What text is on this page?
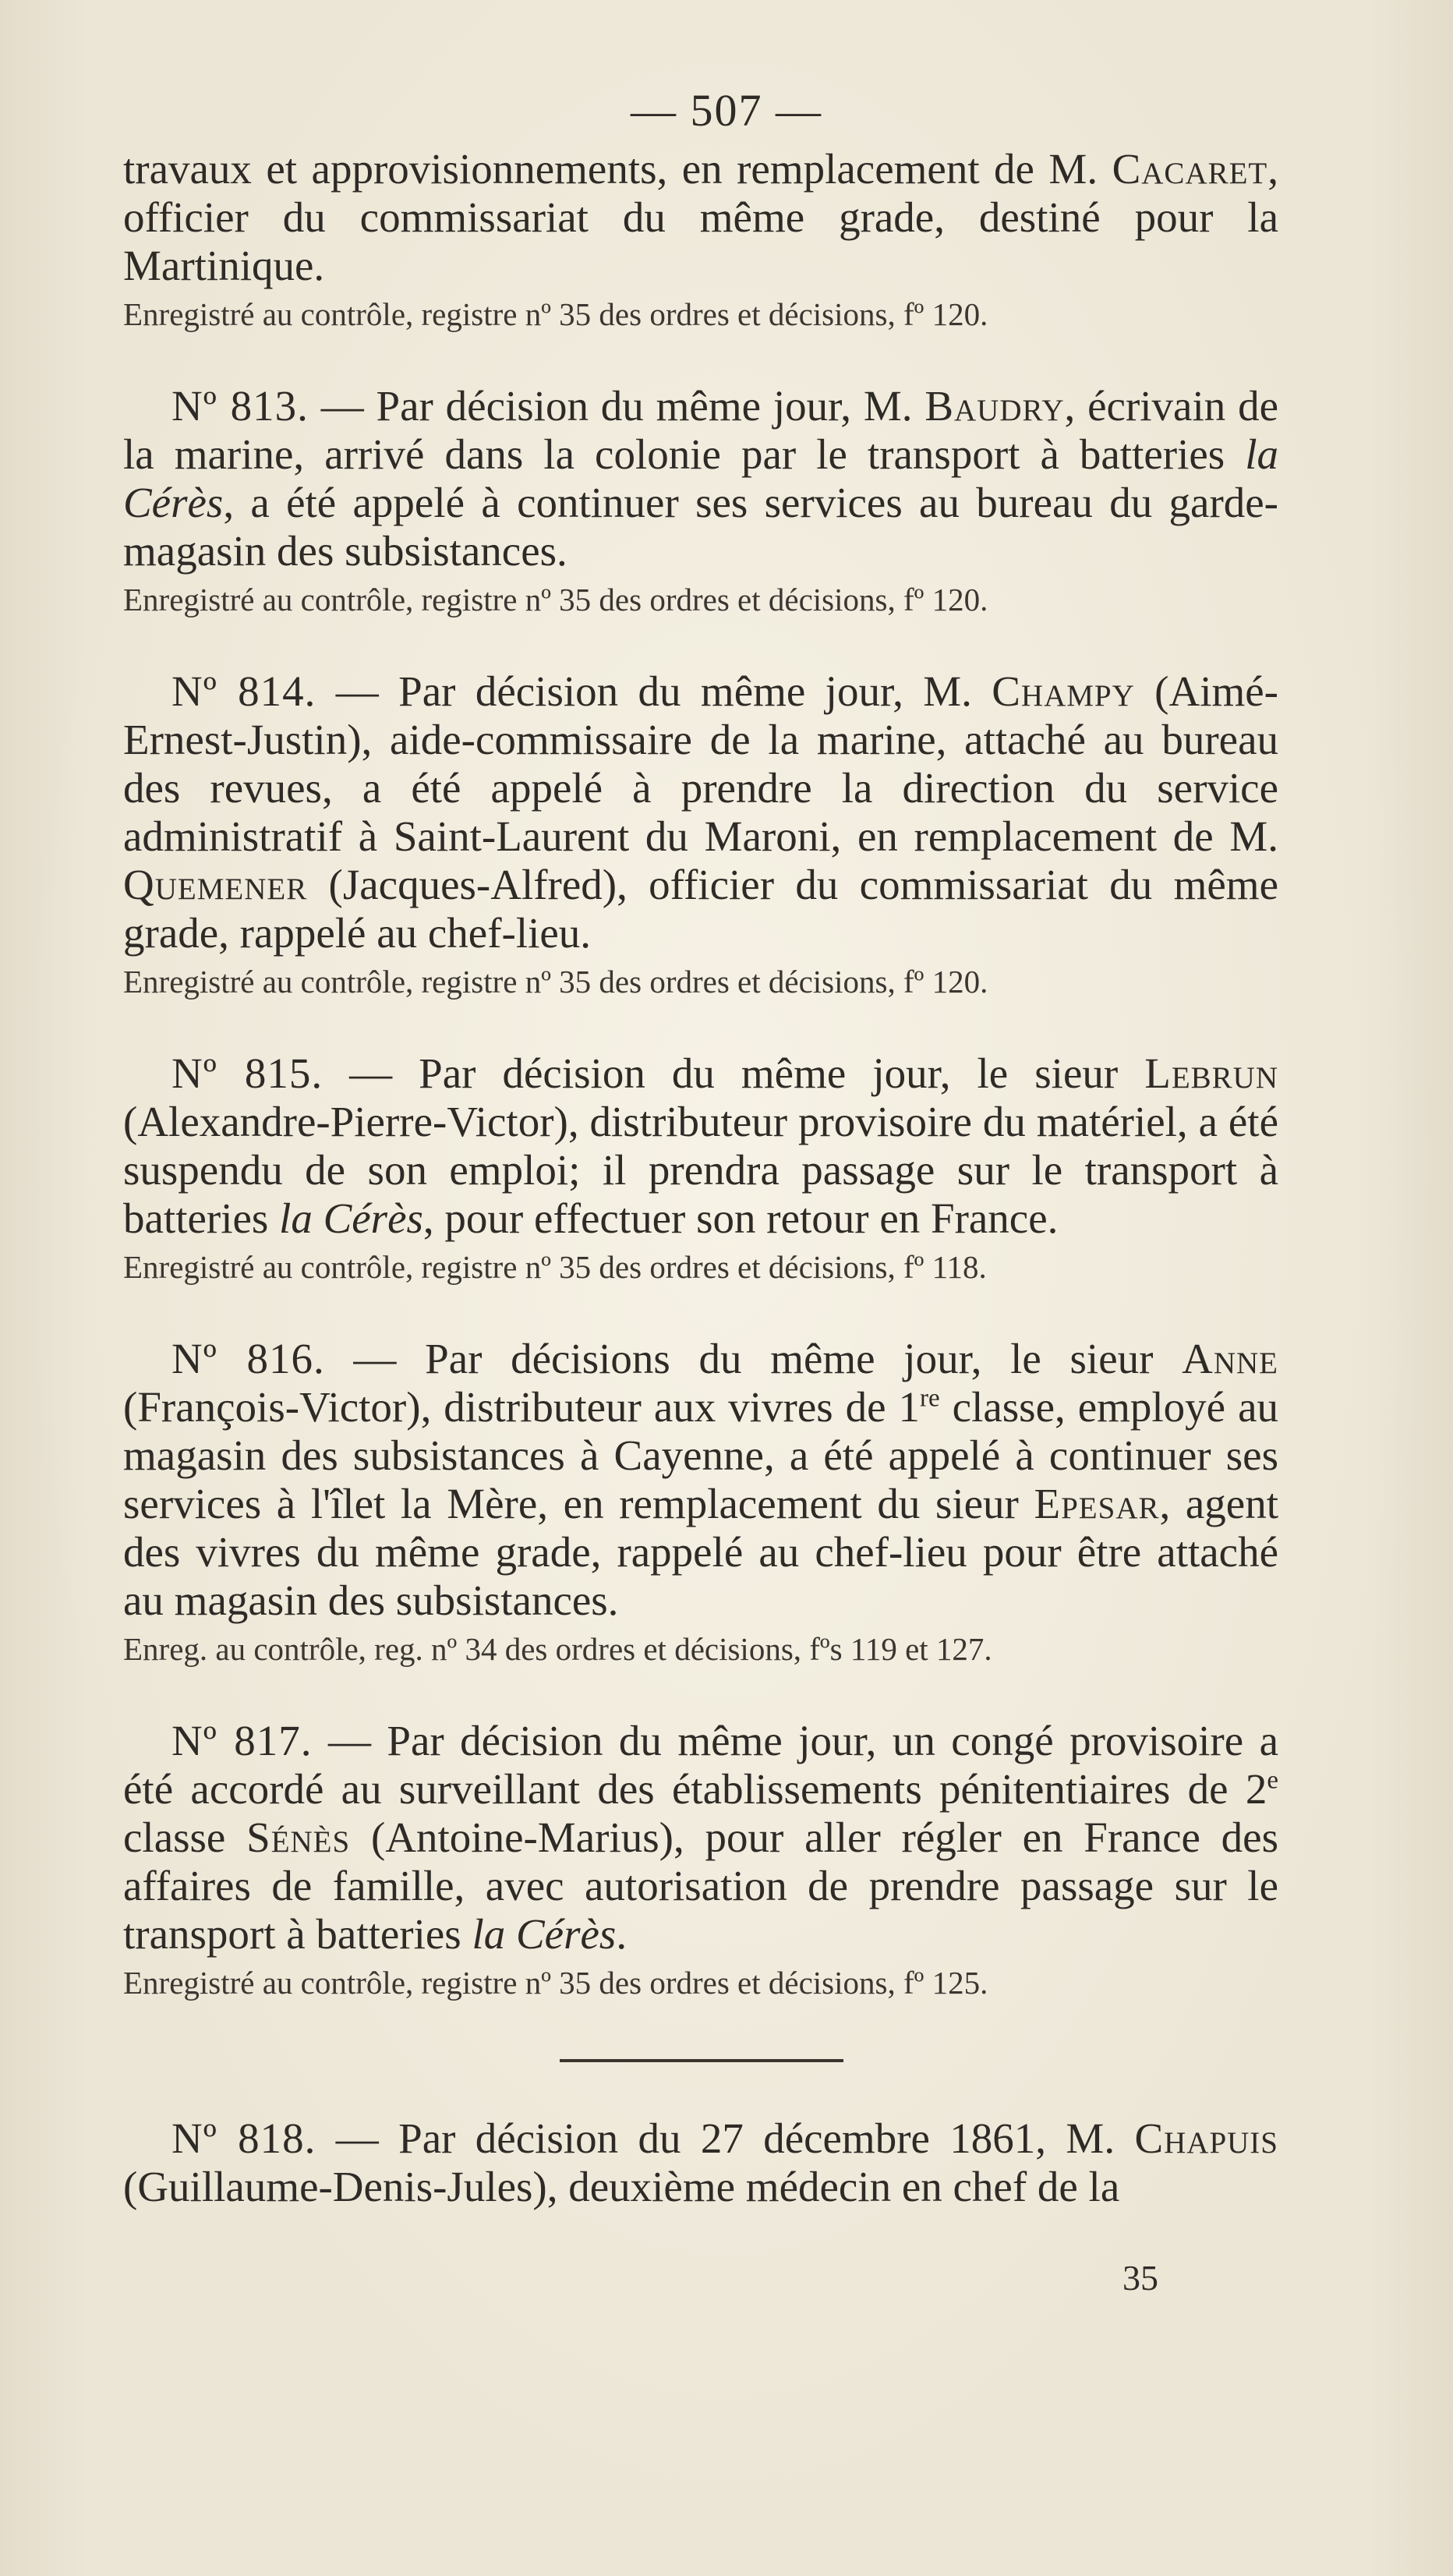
— 507 —

travaux et approvisionnements, en remplacement de M. Cacaret, officier du commissariat du même grade, destiné pour la Martinique.

Enregistré au contrôle, registre nº 35 des ordres et décisions, fº 120.

Nº 813. — Par décision du même jour, M. Baudry, écrivain de la marine, arrivé dans la colonie par le transport à batteries la Cérès, a été appelé à continuer ses services au bureau du garde-magasin des subsistances.

Enregistré au contrôle, registre nº 35 des ordres et décisions, fº 120.

Nº 814. — Par décision du même jour, M. Champy (Aimé-Ernest-Justin), aide-commissaire de la marine, attaché au bureau des revues, a été appelé à prendre la direction du service administratif à Saint-Laurent du Maroni, en remplacement de M. Quemener (Jacques-Alfred), officier du commissariat du même grade, rappelé au chef-lieu.

Enregistré au contrôle, registre nº 35 des ordres et décisions, fº 120.

Nº 815. — Par décision du même jour, le sieur Lebrun (Alexandre-Pierre-Victor), distributeur provisoire du matériel, a été suspendu de son emploi; il prendra passage sur le transport à batteries la Cérès, pour effectuer son retour en France.

Enregistré au contrôle, registre nº 35 des ordres et décisions, fº 118.

Nº 816. — Par décisions du même jour, le sieur Anne (François-Victor), distributeur aux vivres de 1re classe, employé au magasin des subsistances à Cayenne, a été appelé à continuer ses services à l'îlet la Mère, en remplacement du sieur Epesar, agent des vivres du même grade, rappelé au chef-lieu pour être attaché au magasin des subsistances.

Enreg. au contrôle, reg. nº 34 des ordres et décisions, fºs 119 et 127.

Nº 817. — Par décision du même jour, un congé provisoire a été accordé au surveillant des établissements pénitentiaires de 2e classe Sénès (Antoine-Marius), pour aller régler en France des affaires de famille, avec autorisation de prendre passage sur le transport à batteries la Cérès.

Enregistré au contrôle, registre nº 35 des ordres et décisions, fº 125.

Nº 818. — Par décision du 27 décembre 1861, M. Chapuis (Guillaume-Denis-Jules), deuxième médecin en chef de la

35
